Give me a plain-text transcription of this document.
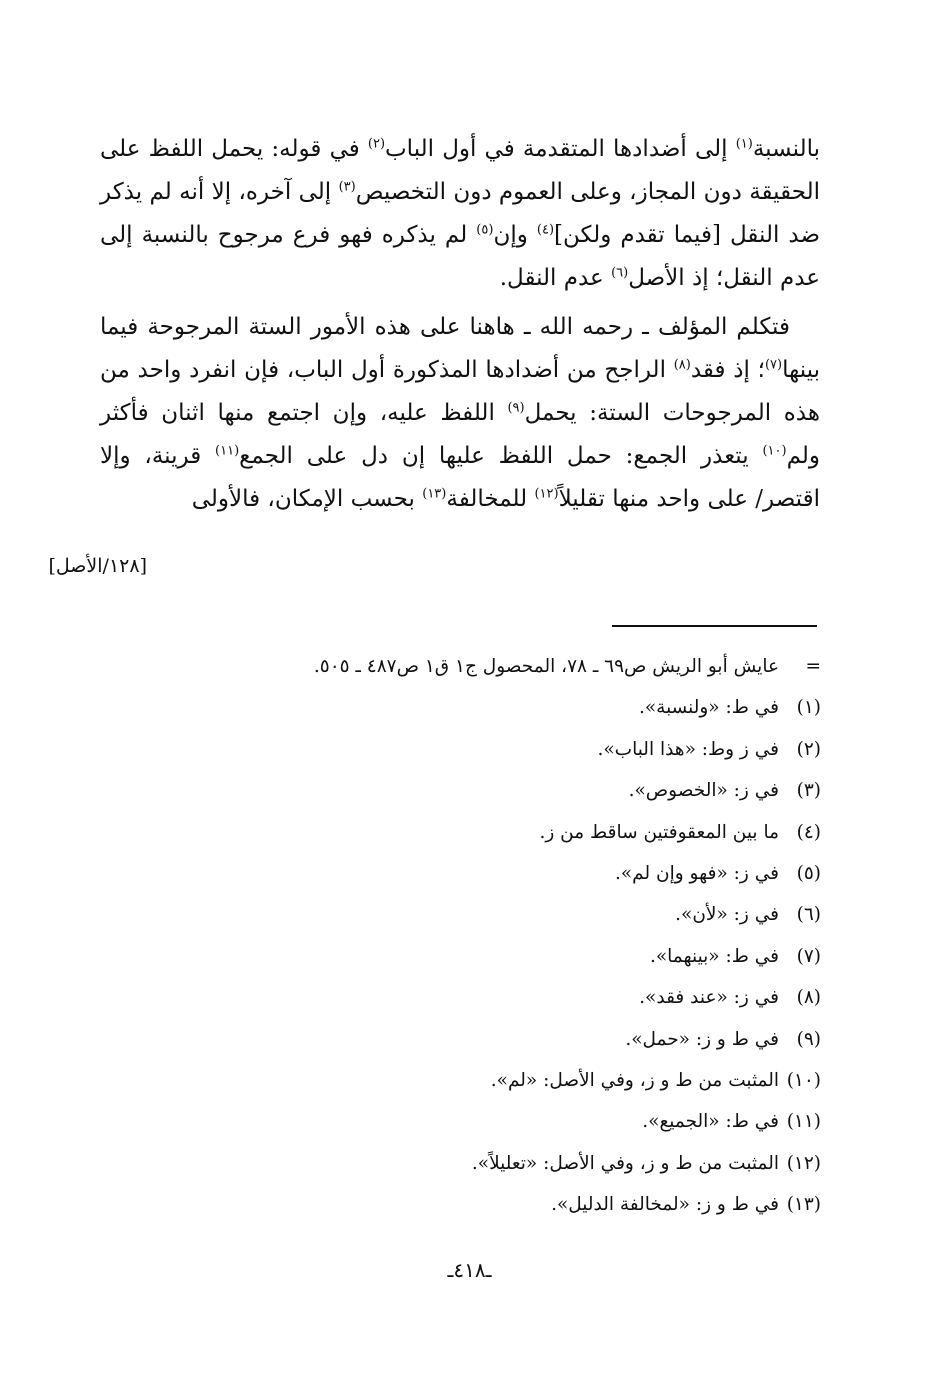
بالنسبة$^{(١)}$ إلى أضدادها المتقدمة في أول الباب$^{(٢)}$ في قوله: يحمل اللفظ على الحقيقة دون المجاز، وعلى العموم دون التخصيص$^{(٣)}$ إلى آخره، إلا أنه لم يذكر ضد النقل [فيما تقدم ولكن]$^{(٤)}$ وإن$^{(٥)}$ لم يذكره فهو فرع مرجوح بالنسبة إلى عدم النقل؛ إذ الأصل$^{(٦)}$ عدم النقل.

فتكلم المؤلف ـ رحمه الله ـ هاهنا على هذه الأمور الستة المرجوحة فيما بينها$^{(٧)}$؛ إذ فقد$^{(٨)}$ الراجح من أضدادها المذكورة أول الباب، فإن انفرد واحد من هذه المرجوحات الستة: يحمل$^{(٩)}$ اللفظ عليه، وإن اجتمع منها اثنان فأكثر ولم$^{(١٠)}$ يتعذر الجمع: حمل اللفظ عليها إن دل على الجمع$^{(١١)}$ قرينة، وإلا اقتصر/ على واحد منها تقليلاً$^{(١٢)}$ للمخالفة$^{(١٣)}$ بحسب الإمكان، فالأولى

[١٢٨/الأصل]
=عايش أبو الريش ص٦٩ ـ ٧٨، المحصول ج١ ق١ ص٤٨٧ ـ ٥٠٥.
(١)في ط: «ولنسبة».
(٢)في ز وط: «هذا الباب».
(٣)في ز: «الخصوص».
(٤)ما بين المعقوفتين ساقط من ز.
(٥)في ز: «فهو وإن لم».
(٦)في ز: «لأن».
(٧)في ط: «بينهما».
(٨)في ز: «عند فقد».
(٩)في ط و ز: «حمل».
(١٠)المثبت من ط و ز، وفي الأصل: «لم».
(١١)في ط: «الجميع».
(١٢)المثبت من ط و ز، وفي الأصل: «تعليلاً».
(١٣)في ط و ز: «لمخالفة الدليل».
ـ٤١٨ـ
